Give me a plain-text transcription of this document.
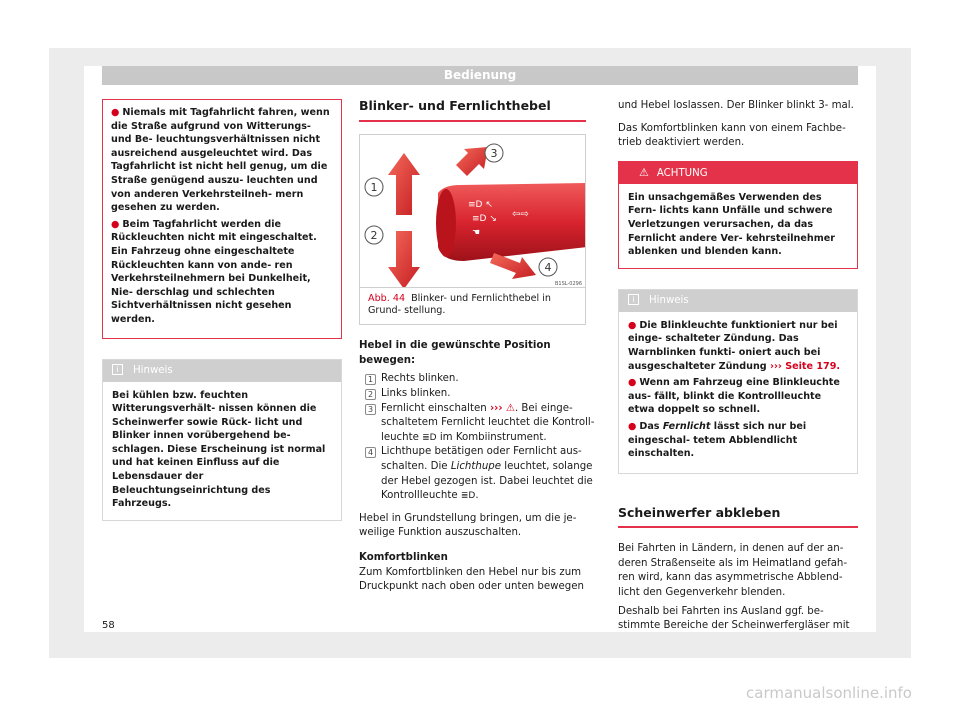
Bedienung
● Niemals mit Tagfahrlicht fahren, wenn die Straße aufgrund von Witterungs- und Be- leuchtungsverhältnissen nicht ausreichend ausgeleuchtet wird. Das Tagfahrlicht ist nicht hell genug, um die Straße genügend auszu- leuchten und von anderen Verkehrsteilneh- mern gesehen zu werden.
● Beim Tagfahrlicht werden die Rückleuchten nicht mit eingeschaltet. Ein Fahrzeug ohne eingeschaltete Rückleuchten kann von ande- ren Verkehrsteilnehmern bei Dunkelheit, Nie- derschlag und schlechten Sichtverhältnissen nicht gesehen werden.
i Hinweis
Bei kühlen bzw. feuchten Witterungsverhält- nissen können die Scheinwerfer sowie Rück- licht und Blinker innen vorübergehend be- schlagen. Diese Erscheinung ist normal und hat keinen Einfluss auf die Lebensdauer der Beleuchtungseinrichtung des Fahrzeugs.
Blinker- und Fernlichthebel
≡D ↖
≡D ↘ ⇦⇨
☚
1
2
3
4
B1SL-0296
Abb. 44 Blinker- und Fernlichthebel in Grund- stellung.
Hebel in die gewünschte Position bewegen:
1 Rechts blinken.
2 Links blinken.
3 Fernlicht einschalten ››› ⚠. Bei einge- schaltetem Fernlicht leuchtet die Kontroll- leuchte ≣D im Kombiinstrument.
4 Lichthupe betätigen oder Fernlicht aus- schalten. Die Lichthupe leuchtet, solange der Hebel gezogen ist. Dabei leuchtet die Kontrollleuchte ≣D.

Hebel in Grundstellung bringen, um die je- weilige Funktion auszuschalten.

Komfortblinken

Zum Komfortblinken den Hebel nur bis zum Druckpunkt nach oben oder unten bewegen

und Hebel loslassen. Der Blinker blinkt 3- mal.

Das Komfortblinken kann von einem Fachbe- trieb deaktiviert werden.

⚠ ACHTUNG
Ein unsachgemäßes Verwenden des Fern- lichts kann Unfälle und schwere Verletzungen verursachen, da das Fernlicht andere Ver- kehrsteilnehmer ablenken und blenden kann.
i Hinweis
● Die Blinkleuchte funktioniert nur bei einge- schalteter Zündung. Das Warnblinken funkti- oniert auch bei ausgeschalteter Zündung ››› Seite 179.
● Wenn am Fahrzeug eine Blinkleuchte aus- fällt, blinkt die Kontrollleuchte etwa doppelt so schnell.
● Das Fernlicht lässt sich nur bei eingeschal- tetem Abblendlicht einschalten.
Scheinwerfer abkleben

Bei Fahrten in Ländern, in denen auf der an- deren Straßenseite als im Heimatland gefah- ren wird, kann das asymmetrische Abblend- licht den Gegenverkehr blenden.

Deshalb bei Fahrten ins Ausland ggf. be- stimmte Bereiche der Scheinwerfergläser mit

58
carmanualsonline.info
